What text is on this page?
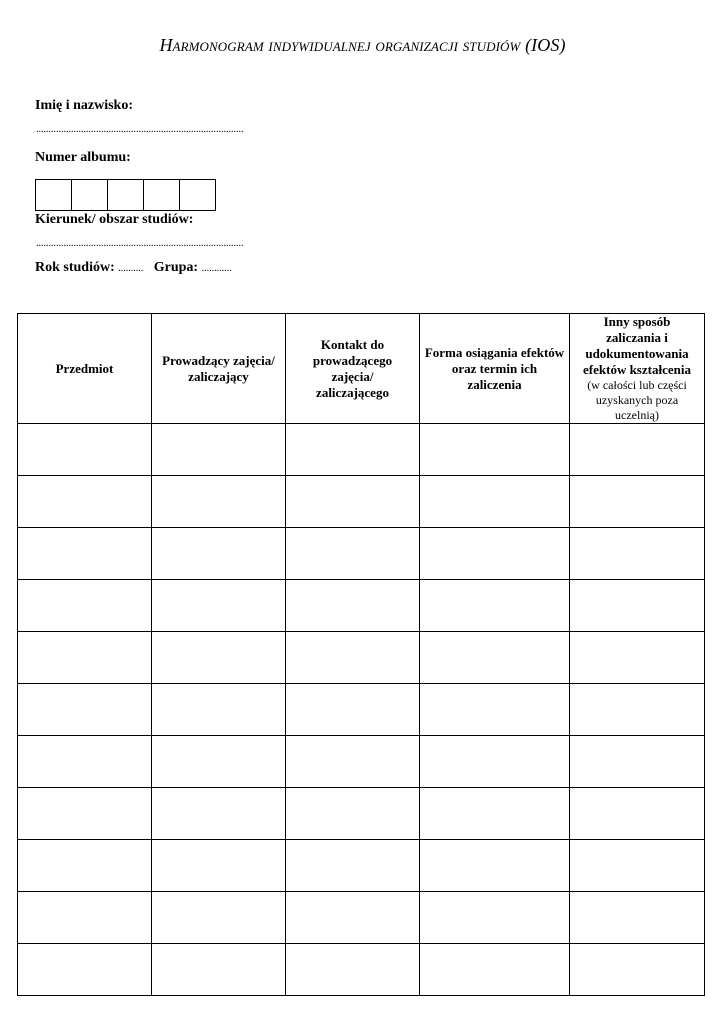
Harmonogram indywidualnej organizacji studiów (IOS)
Imię i nazwisko:
...................................................................................
Numer albumu:
Kierunek/ obszar studiów:
...................................................................................
Rok studiów: .......... Grupa: ............
Przedmiot	Prowadzący zajęcia/ zaliczający	Kontakt do prowadzącego zajęcia/ zaliczającego	Forma osiągania efektów oraz termin ich zaliczenia	Inny sposób zaliczania i udokumentowania efektów kształcenia
(w całości lub części uzyskanych poza uczelnią)
